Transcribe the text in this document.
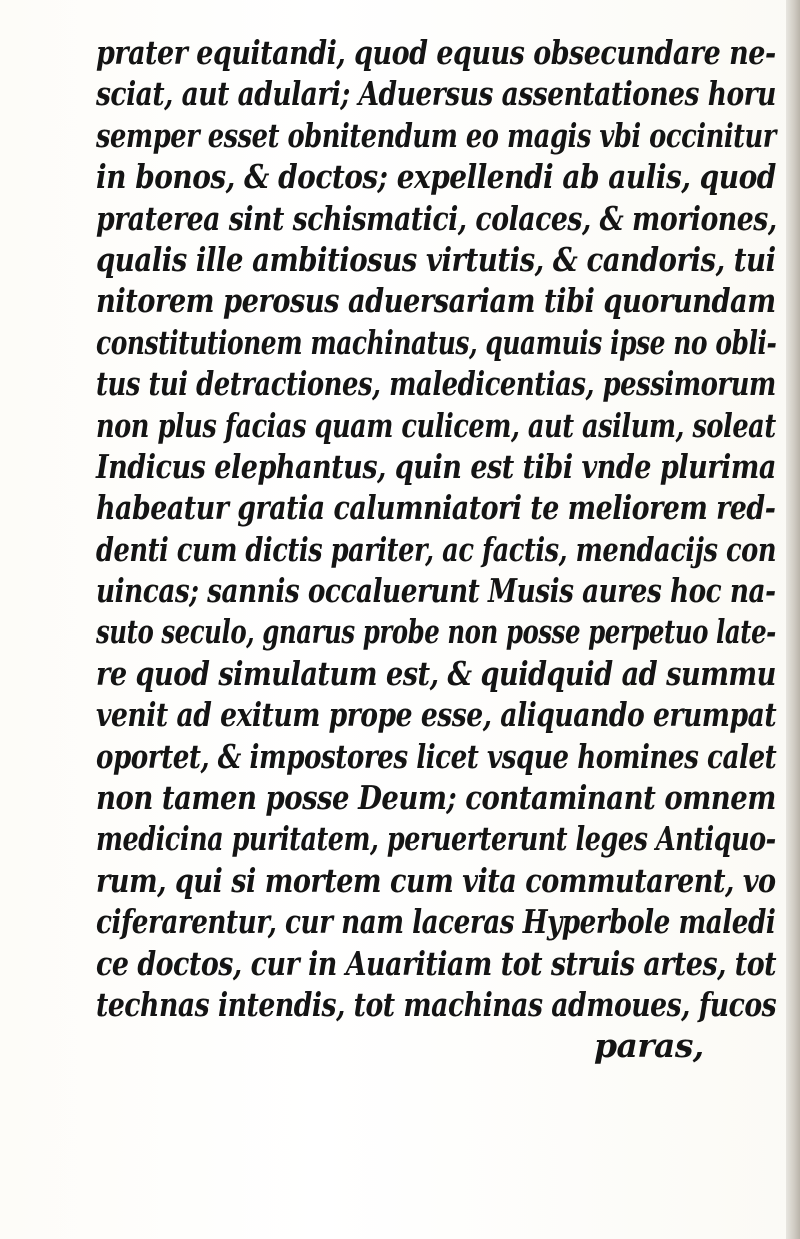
prater equitandi, quod equus obsecundare ne-
sciat, aut adulari; Aduersus assentationes horu
semper esset obnitendum eo magis vbi occinitur
in bonos, & doctos; expellendi ab aulis, quod
praterea sint schismatici, colaces, & moriones,
qualis ille ambitiosus virtutis, & candoris, tui
nitorem perosus aduersariam tibi quorundam
constitutionem machinatus, quamuis ipse no obli-
tus tui detractiones, maledicentias, pessimorum
non plus facias quam culicem, aut asilum, soleat
Indicus elephantus, quin est tibi vnde plurima
habeatur gratia calumniatori te meliorem red-
denti cum dictis pariter, ac factis, mendacijs con
uincas; sannis occaluerunt Musis aures hoc na-
suto seculo, gnarus probe non posse perpetuo late-
re quod simulatum est, & quidquid ad summu
venit ad exitum prope esse, aliquando erumpat
oportet, & impostores licet vsque homines calet
non tamen posse Deum; contaminant omnem
medicina puritatem, peruerterunt leges Antiquo-
rum, qui si mortem cum vita commutarent, vo
ciferarentur, cur nam laceras Hyperbole maledi
ce doctos, cur in Auaritiam tot struis artes, tot
technas intendis, tot machinas admoues, fucos
paras,
